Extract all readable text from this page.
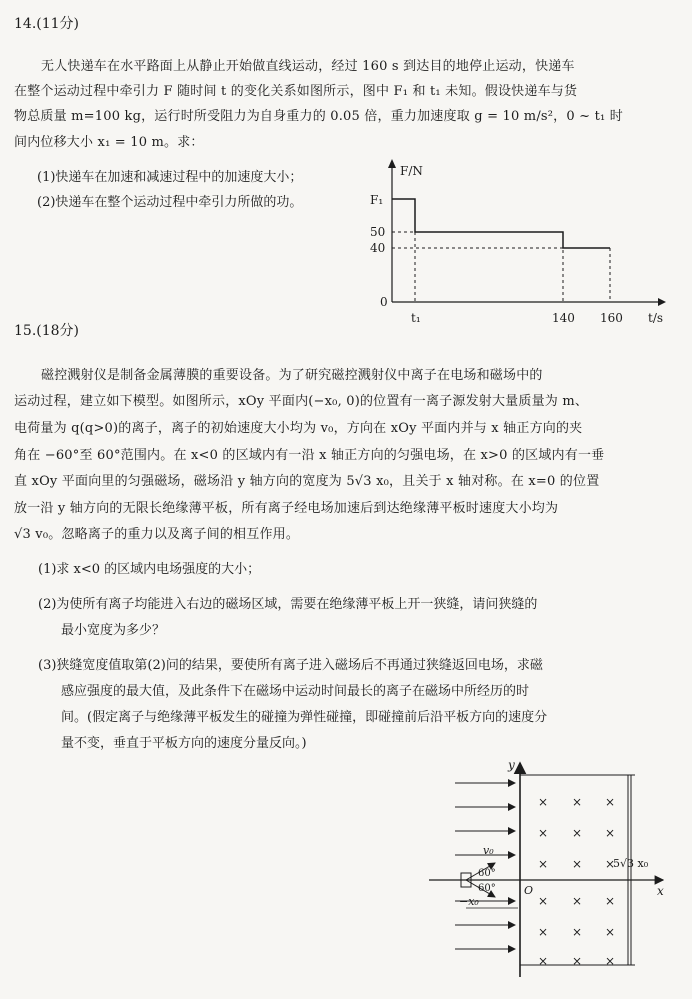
14.(11分)
无人快递车在水平路面上从静止开始做直线运动，经过 160 s 到达目的地停止运动，快递车
在整个运动过程中牵引力 F 随时间 t 的变化关系如图所示，图中 F₁ 和 t₁ 未知。假设快递车与货
物总质量 m=100 kg，运行时所受阻力为自身重力的 0.05 倍，重力加速度取 g = 10 m/s²，0 ~ t₁ 时
间内位移大小 x₁ = 10 m。求：
(1)快递车在加速和减速过程中的加速度大小；
(2)快递车在整个运动过程中牵引力所做的功。
F/N
t/s
F₁
50
40
0
t₁	140 160
15.(18分)
磁控溅射仪是制备金属薄膜的重要设备。为了研究磁控溅射仪中离子在电场和磁场中的
运动过程，建立如下模型。如图所示，xOy 平面内(−x₀, 0)的位置有一离子源发射大量质量为 m、
电荷量为 q(q>0)的离子，离子的初始速度大小均为 v₀，方向在 xOy 平面内并与 x 轴正方向的夹
角在 −60°至 60°范围内。在 x<0 的区域内有一沿 x 轴正方向的匀强电场，在 x>0 的区域内有一垂
直 xOy 平面向里的匀强磁场，磁场沿 y 轴方向的宽度为 5√3 x₀，且关于 x 轴对称。在 x=0 的位置
放一沿 y 轴方向的无限长绝缘薄平板，所有离子经电场加速后到达绝缘薄平板时速度大小均为
√3 v₀。忽略离子的重力以及离子间的相互作用。
(1)求 x<0 的区域内电场强度的大小；
(2)为使所有离子均能进入右边的磁场区域，需要在绝缘薄平板上开一狭缝，请问狭缝的
最小宽度为多少？
(3)狭缝宽度值取第(2)问的结果，要使所有离子进入磁场后不再通过狭缝返回电场，求磁
感应强度的最大值，及此条件下在磁场中运动时间最长的离子在磁场中所经历的时
间。(假定离子与绝缘薄平板发生的碰撞为弹性碰撞，即碰撞前后沿平板方向的速度分
量不变，垂直于平板方向的速度分量反向。)
y
x
O
× × ×
× × ×
× × ×
× × ×
× × ×
× × ×
5√3 x₀
v₀
60°
60°
−x₀
